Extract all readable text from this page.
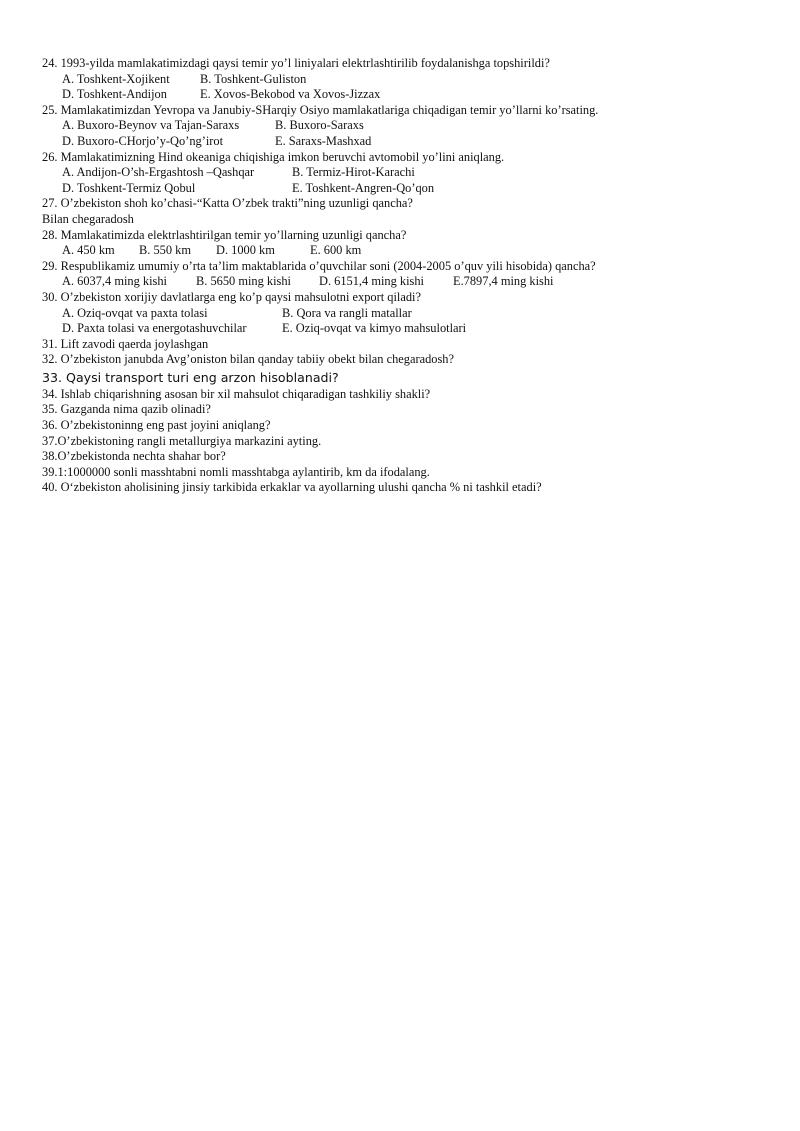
24. 1993-yilda mamlakatimizdagi qaysi temir yo’l liniyalari elektrlashtirilib foydalanishga topshirildi?
A. Toshkent-Xojikent B. Toshkent-Guliston
D. Toshkent-Andijon	E. Xovos-Bekobod va Xovos-Jizzax
25. Mamlakatimizdan Yevropa va Janubiy-SHarqiy Osiyo mamlakatlariga chiqadigan temir yo’llarni ko’rsating.
A. Buxoro-Beynov va Tajan-Saraxs	B. Buxoro-Saraxs
D. Buxoro-CHorjo’y-Qo’ng’irot	E. Saraxs-Mashxad
26. Mamlakatimizning Hind okeaniga chiqishiga imkon beruvchi avtomobil yo’lini aniqlang.
A. Andijon-O’sh-Ergashtosh –Qashqar	B. Termiz-Hirot-Karachi
D. Toshkent-Termiz Qobul	E. Toshkent-Angren-Qo’qon
27. O’zbekiston shoh ko’chasi-“Katta O’zbek trakti”ning uzunligi qancha?
Bilan chegaradosh
28. Mamlakatimizda elektrlashtirilgan temir yo’llarning uzunligi qancha?
A. 450 km B. 550 km D. 1000 km	E. 600 km
29. Respublikamiz umumiy o’rta ta’lim maktablarida o’quvchilar soni (2004-2005 o’quv yili hisobida) qancha?
A. 6037,4 ming kishi B. 5650 ming kishi D. 6151,4 ming kishi E.7897,4 ming kishi
30. O’zbekiston xorijiy davlatlarga eng ko’p qaysi mahsulotni export qiladi?
A. Oziq-ovqat va paxta tolasi	B. Qora va rangli matallar
D. Paxta tolasi va energotashuvchilar	E. Oziq-ovqat va kimyo mahsulotlari
31. Lift zavodi qaerda joylashgan
32. O’zbekiston janubda Avg’oniston bilan qanday tabiiy obekt bilan chegaradosh?
33. Qaysi transport turi eng arzon hisoblanadi?
34. Ishlab chiqarishning asosan bir xil mahsulot chiqaradigan tashkiliy shakli?
35. Gazganda nima qazib olinadi?
36. O’zbekistoninng eng past joyini aniqlang?
37.O’zbekistoning rangli metallurgiya markazini ayting.
38.O’zbekistonda nechta shahar bor?
39.1:1000000 sonli masshtabni nomli masshtabga aylantirib, km da ifodalang.
40. O‘zbekiston aholisining jinsiy tarkibida erkaklar va ayollarning ulushi qancha % ni tashkil etadi?
